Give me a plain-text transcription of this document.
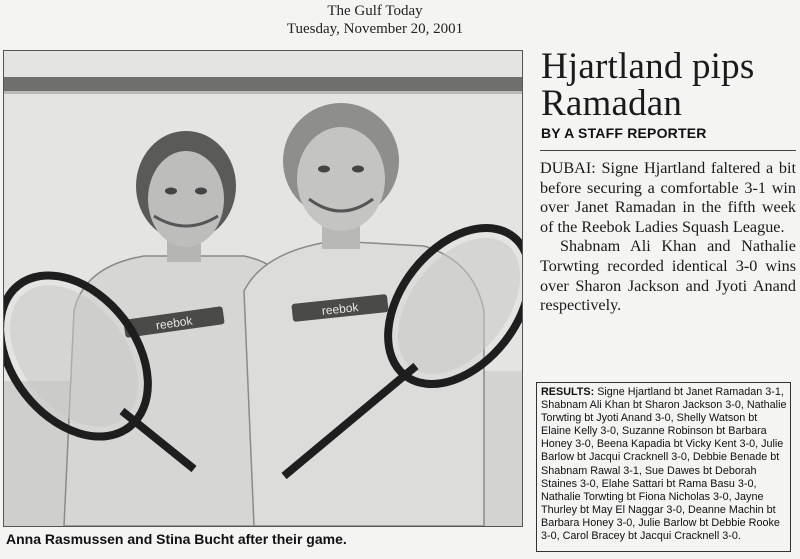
The Gulf Today
Tuesday, November 20, 2001
reebok
reebok
Anna Rasmussen and Stina Bucht after their game.
Hjartland pips Ramadan
BY A STAFF REPORTER

DUBAI: Signe Hjartland faltered a bit before securing a comfortable 3-1 win over Janet Ramadan in the fifth week of the Reebok Ladies Squash League.

Shabnam Ali Khan and Nathalie Torwting recorded identical 3-0 wins over Sharon Jackson and Jyoti Anand respectively.

RESULTS: Signe Hjartland bt Janet Ramadan 3-1, Shabnam Ali Khan bt Sharon Jackson 3-0, Nathalie Torwting bt Jyoti Anand 3-0, Shelly Watson bt Elaine Kelly 3-0, Suzanne Robinson bt Barbara Honey 3-0, Beena Kapadia bt Vicky Kent 3-0, Julie Barlow bt Jacqui Cracknell 3-0, Debbie Benade bt Shabnam Rawal 3-1, Sue Dawes bt Deborah Staines 3-0, Elahe Sattari bt Rama Basu 3-0, Nathalie Torwting bt Fiona Nicholas 3-0, Jayne Thurley bt May El Naggar 3-0, Deanne Machin bt Barbara Honey 3-0, Julie Barlow bt Debbie Rooke 3-0, Carol Bracey bt Jacqui Cracknell 3-0.
